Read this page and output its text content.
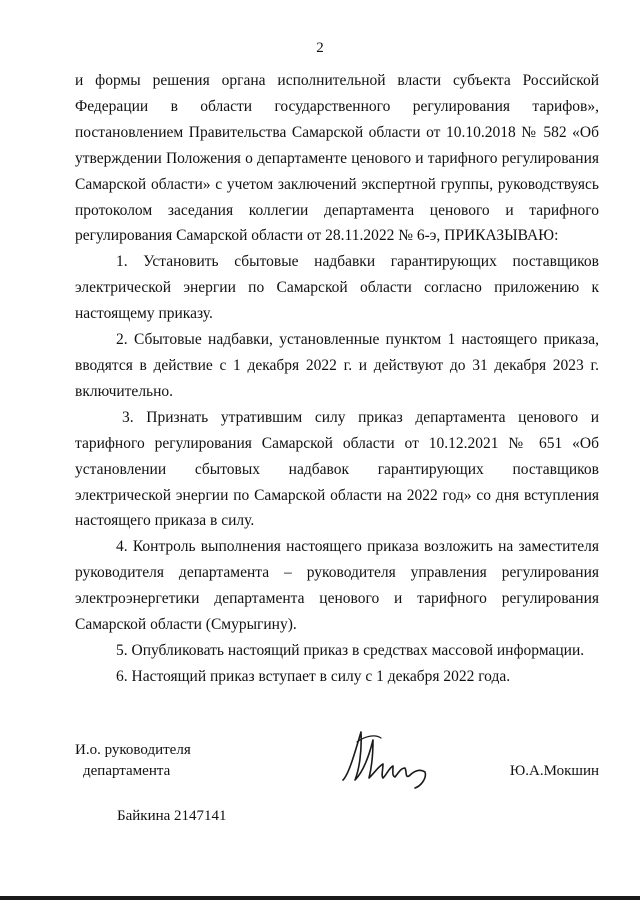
2

и формы решения органа исполнительной власти субъекта Российской Федерации в области государственного регулирования тарифов», постановлением Правительства Самарской области от 10.10.2018 № 582 «Об утверждении Положения о департаменте ценового и тарифного регулирования Самарской области» с учетом заключений экспертной группы, руководствуясь протоколом заседания коллегии департамента ценового и тарифного регулирования Самарской области от 28.11.2022 № 6-э, ПРИКАЗЫВАЮ:

1. Установить сбытовые надбавки гарантирующих поставщиков электрической энергии по Самарской области согласно приложению к настоящему приказу.

2. Сбытовые надбавки, установленные пунктом 1 настоящего приказа, вводятся в действие с 1 декабря 2022 г. и действуют до 31 декабря 2023 г. включительно.

3. Признать утратившим силу приказ департамента ценового и тарифного регулирования Самарской области от 10.12.2021 № 651 «Об установлении сбытовых надбавок гарантирующих поставщиков электрической энергии по Самарской области на 2022 год» со дня вступления настоящего приказа в силу.

4. Контроль выполнения настоящего приказа возложить на заместителя руководителя департамента – руководителя управления регулирования электроэнергетики департамента ценового и тарифного регулирования Самарской области (Смурыгину).

5. Опубликовать настоящий приказ в средствах массовой информации.

6. Настоящий приказ вступает в силу с 1 декабря 2022 года.

И.о. руководителя
департамента	Ю.А.Мокшин
Байкина 2147141
